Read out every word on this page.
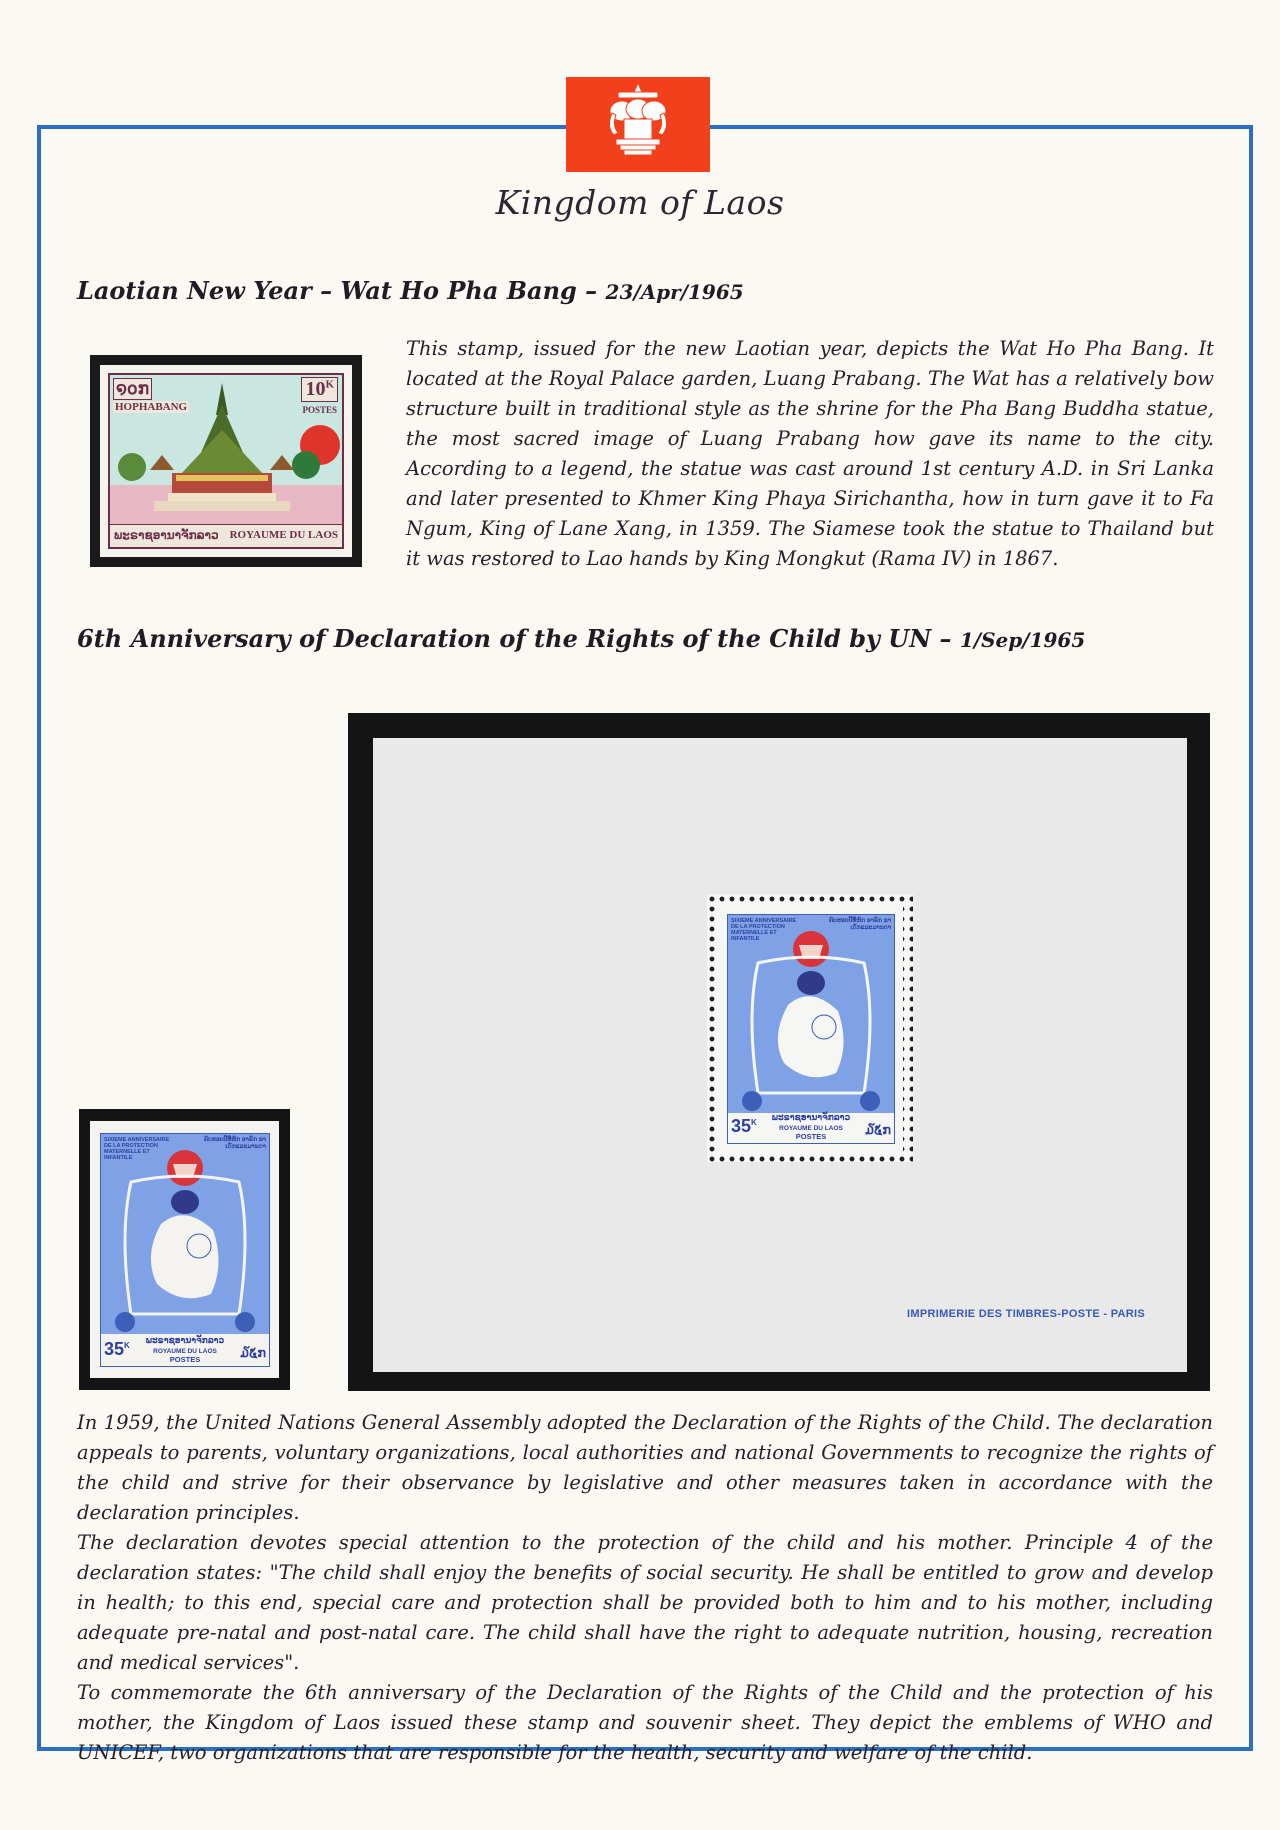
Kingdom of Laos
Laotian New Year – Wat Ho Pha Bang – 23/Apr/1965
໑໐ກ
HOPHABANG
$10^K$
POSTES
ພະຣາຊອານາຈັກລາວ ROYAUME DU LAOS
This stamp, issued for the new Laotian year, depicts the Wat Ho Pha Bang. It located at the Royal Palace garden, Luang Prabang. The Wat has a relatively bow structure built in traditional style as the shrine for the Pha Bang Buddha statue, the most sacred image of Luang Prabang how gave its name to the city. According to a legend, the statue was cast around 1st century A.D. in Sri Lanka and later presented to Khmer King Phaya Sirichantha, how in turn gave it to Fa Ngum, King of Lane Xang, in 1359. The Siamese took the statue to Thailand but it was restored to Lao hands by King Mongkut (Rama IV) in 1867.
6th Anniversary of Declaration of the Rights of the Child by UN – 1/Sep/1965
SIXIEME ANNIVERSAIRE DE LA PROTECTION MATERNELLE ET INFANTILE
ຄົບຮອບປີທີ່ຫົກ ອາຣັກ ຂາເດັກແລະມານດາ
$35^K$
ພະຣາຊອານາຈັກລາວ
ROYAUME DU LAOS
POSTES	໓໕ກ
SIXIEME ANNIVERSAIRE DE LA PROTECTION MATERNELLE ET INFANTILE
ຄົບຮອບປີທີ່ຫົກ ອາຣັກ ຂາເດັກແລະມານດາ
$35^K$
ພະຣາຊອານາຈັກລາວ
ROYAUME DU LAOS
POSTES	໓໕ກ
IMPRIMERIE DES TIMBRES-POSTE - PARIS
In 1959, the United Nations General Assembly adopted the Declaration of the Rights of the Child. The declaration appeals to parents, voluntary organizations, local authorities and national Governments to recognize the rights of the child and strive for their observance by legislative and other measures taken in accordance with the declaration principles.
The declaration devotes special attention to the protection of the child and his mother. Principle 4 of the declaration states: "The child shall enjoy the benefits of social security. He shall be entitled to grow and develop in health; to this end, special care and protection shall be provided both to him and to his mother, including adequate pre-natal and post-natal care. The child shall have the right to adequate nutrition, housing, recreation and medical services".
To commemorate the 6th anniversary of the Declaration of the Rights of the Child and the protection of his mother, the Kingdom of Laos issued these stamp and souvenir sheet. They depict the emblems of WHO and UNICEF, two organizations that are responsible for the health, security and welfare of the child.
